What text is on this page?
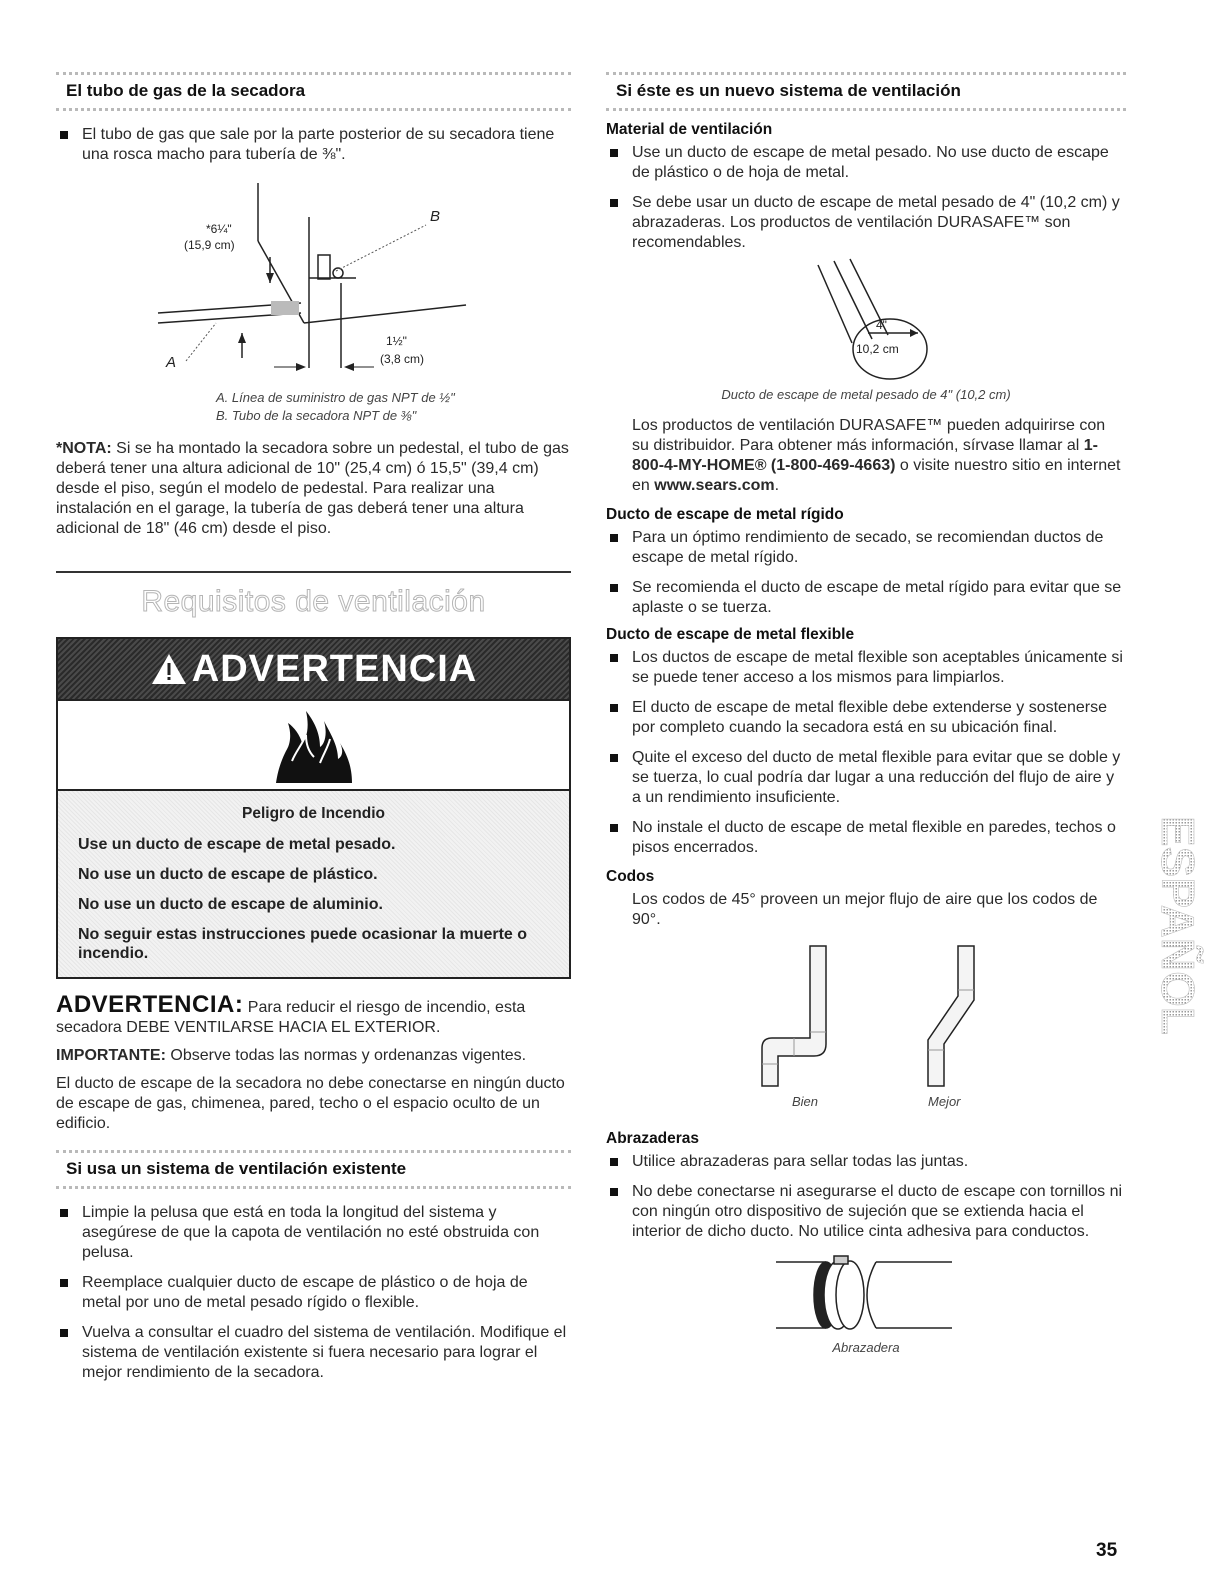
El tubo de gas de la secadora
El tubo de gas que sale por la parte posterior de su secadora tiene una rosca macho para tubería de ⅜".
*6¼"
(15,9 cm)
1½"
(3,8 cm)
A
B
A. Línea de suministro de gas NPT de ½"
B. Tubo de la secadora NPT de ⅜"

*NOTA: Si se ha montado la secadora sobre un pedestal, el tubo de gas deberá tener una altura adicional de 10" (25,4 cm) ó 15,5" (39,4 cm) desde el piso, según el modelo de pedestal. Para realizar una instalación en el garage, la tubería de gas deberá tener una altura adicional de 18" (46 cm) desde el piso.

Requisitos de ventilación
ADVERTENCIA
Peligro de Incendio
Use un ducto de escape de metal pesado.
No use un ducto de escape de plástico.
No use un ducto de escape de aluminio.
No seguir estas instrucciones puede ocasionar la muerte o incendio.

ADVERTENCIA: Para reducir el riesgo de incendio, esta secadora DEBE VENTILARSE HACIA EL EXTERIOR.

IMPORTANTE: Observe todas las normas y ordenanzas vigentes.

El ducto de escape de la secadora no debe conectarse en ningún ducto de escape de gas, chimenea, pared, techo o el espacio oculto de un edificio.

Si usa un sistema de ventilación existente
Limpie la pelusa que está en toda la longitud del sistema y asegúrese de que la capota de ventilación no esté obstruida con pelusa.
Reemplace cualquier ducto de escape de plástico o de hoja de metal por uno de metal pesado rígido o flexible.
Vuelva a consultar el cuadro del sistema de ventilación. Modifique el sistema de ventilación existente si fuera necesario para lograr el mejor rendimiento de la secadora.
Si éste es un nuevo sistema de ventilación
Material de ventilación
Use un ducto de escape de metal pesado. No use ducto de escape de plástico o de hoja de metal.
Se debe usar un ducto de escape de metal pesado de 4" (10,2 cm) y abrazaderas. Los productos de ventilación DURASAFE™ son recomendables.
4"
10,2 cm
Ducto de escape de metal pesado de 4" (10,2 cm)

Los productos de ventilación DURASAFE™ pueden adquirirse con su distribuidor. Para obtener más información, sírvase llamar al 1-800-4-MY-HOME® (1-800-469-4663) o visite nuestro sitio en internet en www.sears.com.

Ducto de escape de metal rígido
Para un óptimo rendimiento de secado, se recomiendan ductos de escape de metal rígido.
Se recomienda el ducto de escape de metal rígido para evitar que se aplaste o se tuerza.
Ducto de escape de metal flexible
Los ductos de escape de metal flexible son aceptables únicamente si se puede tener acceso a los mismos para limpiarlos.
El ducto de escape de metal flexible debe extenderse y sostenerse por completo cuando la secadora está en su ubicación final.
Quite el exceso del ducto de metal flexible para evitar que se doble y se tuerza, lo cual podría dar lugar a una reducción del flujo de aire y a un rendimiento insuficiente.
No instale el ducto de escape de metal flexible en paredes, techos o pisos encerrados.
Codos

Los codos de 45° proveen un mejor flujo de aire que los codos de 90°.

Bien	Mejor
Abrazaderas
Utilice abrazaderas para sellar todas las juntas.
No debe conectarse ni asegurarse el ducto de escape con tornillos ni con ningún otro dispositivo de sujeción que se extienda hacia el interior de dicho ducto. No utilice cinta adhesiva para conductos.
Abrazadera
ESPAÑOL
35
